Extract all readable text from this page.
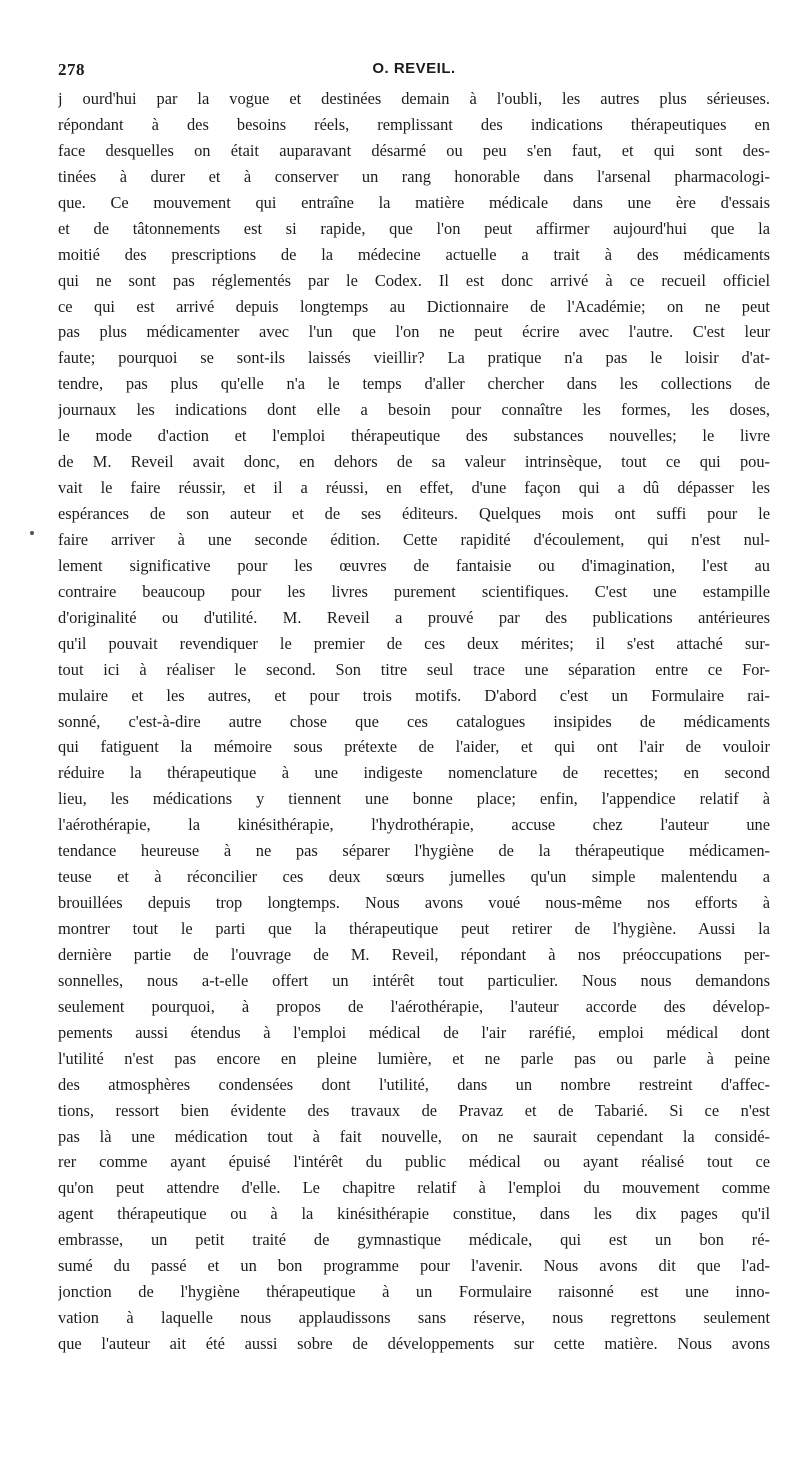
278	O. REVEIL.
j ourd'hui par la vogue et destinées demain à l'oubli, les autres plus sérieuses.
répondant à des besoins réels, remplissant des indications thérapeutiques en
face desquelles on était auparavant désarmé ou peu s'en faut, et qui sont des-
tinées à durer et à conserver un rang honorable dans l'arsenal pharmacologi-
que. Ce mouvement qui entraîne la matière médicale dans une ère d'essais
et de tâtonnements est si rapide, que l'on peut affirmer aujourd'hui que la
moitié des prescriptions de la médecine actuelle a trait à des médicaments
qui ne sont pas réglementés par le Codex. Il est donc arrivé à ce recueil officiel
ce qui est arrivé depuis longtemps au Dictionnaire de l'Académie; on ne peut
pas plus médicamenter avec l'un que l'on ne peut écrire avec l'autre. C'est leur
faute; pourquoi se sont-ils laissés vieillir? La pratique n'a pas le loisir d'at-
tendre, pas plus qu'elle n'a le temps d'aller chercher dans les collections de
journaux les indications dont elle a besoin pour connaître les formes, les doses,
le mode d'action et l'emploi thérapeutique des substances nouvelles; le livre
de M. Reveil avait donc, en dehors de sa valeur intrinsèque, tout ce qui pou-
vait le faire réussir, et il a réussi, en effet, d'une façon qui a dû dépasser les
espérances de son auteur et de ses éditeurs. Quelques mois ont suffi pour le
faire arriver à une seconde édition. Cette rapidité d'écoulement, qui n'est nul-
lement significative pour les œuvres de fantaisie ou d'imagination, l'est au
contraire beaucoup pour les livres purement scientifiques. C'est une estampille
d'originalité ou d'utilité. M. Reveil a prouvé par des publications antérieures
qu'il pouvait revendiquer le premier de ces deux mérites; il s'est attaché sur-
tout ici à réaliser le second. Son titre seul trace une séparation entre ce For-
mulaire et les autres, et pour trois motifs. D'abord c'est un Formulaire rai-
sonné, c'est-à-dire autre chose que ces catalogues insipides de médicaments
qui fatiguent la mémoire sous prétexte de l'aider, et qui ont l'air de vouloir
réduire la thérapeutique à une indigeste nomenclature de recettes; en second
lieu, les médications y tiennent une bonne place; enfin, l'appendice relatif à
l'aérothérapie, la kinésithérapie, l'hydrothérapie, accuse chez l'auteur une
tendance heureuse à ne pas séparer l'hygiène de la thérapeutique médicamen-
teuse et à réconcilier ces deux sœurs jumelles qu'un simple malentendu a
brouillées depuis trop longtemps. Nous avons voué nous-même nos efforts à
montrer tout le parti que la thérapeutique peut retirer de l'hygiène. Aussi la
dernière partie de l'ouvrage de M. Reveil, répondant à nos préoccupations per-
sonnelles, nous a-t-elle offert un intérêt tout particulier. Nous nous demandons
seulement pourquoi, à propos de l'aérothérapie, l'auteur accorde des dévelop-
pements aussi étendus à l'emploi médical de l'air raréfié, emploi médical dont
l'utilité n'est pas encore en pleine lumière, et ne parle pas ou parle à peine
des atmosphères condensées dont l'utilité, dans un nombre restreint d'affec-
tions, ressort bien évidente des travaux de Pravaz et de Tabarié. Si ce n'est
pas là une médication tout à fait nouvelle, on ne saurait cependant la considé-
rer comme ayant épuisé l'intérêt du public médical ou ayant réalisé tout ce
qu'on peut attendre d'elle. Le chapitre relatif à l'emploi du mouvement comme
agent thérapeutique ou à la kinésithérapie constitue, dans les dix pages qu'il
embrasse, un petit traité de gymnastique médicale, qui est un bon ré-
sumé du passé et un bon programme pour l'avenir. Nous avons dit que l'ad-
jonction de l'hygiène thérapeutique à un Formulaire raisonné est une inno-
vation à laquelle nous applaudissons sans réserve, nous regrettons seulement
que l'auteur ait été aussi sobre de développements sur cette matière. Nous avons
